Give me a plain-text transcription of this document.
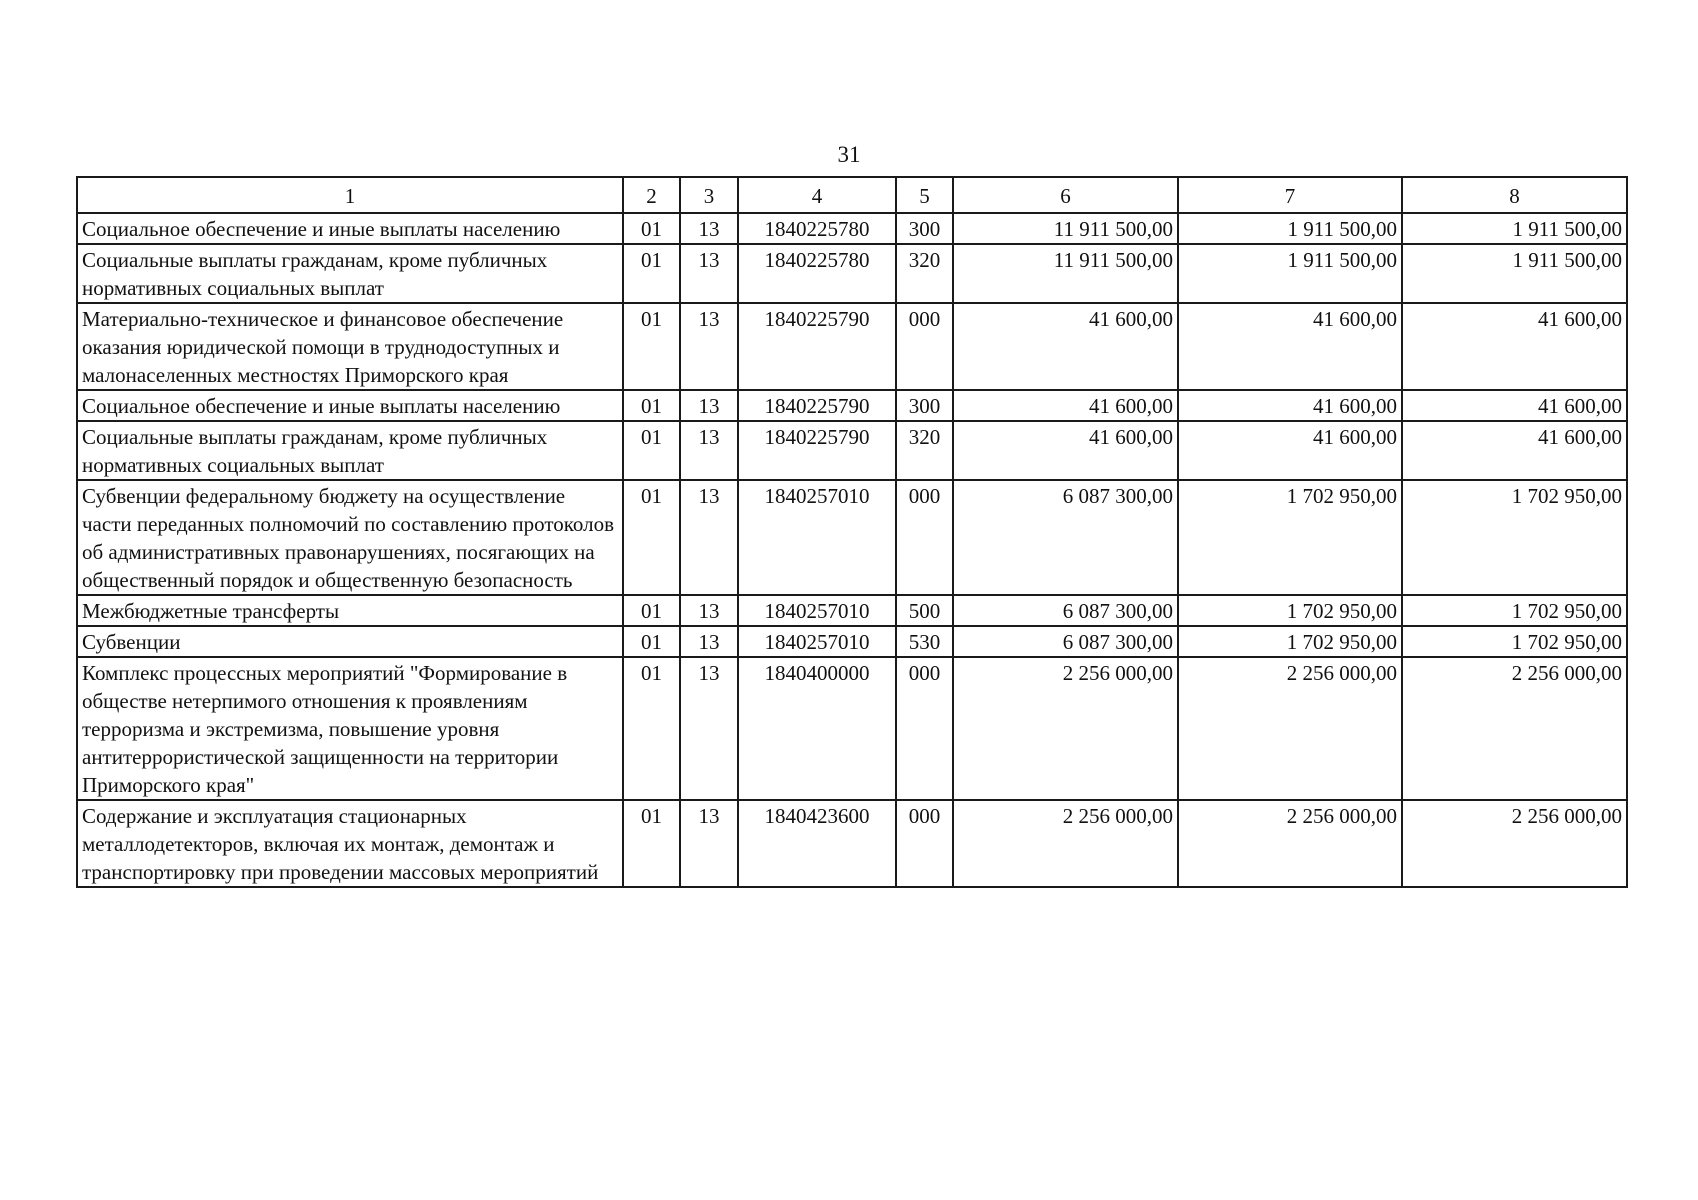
31
1	2	3	4	5	6	7	8
Социальное обеспечение и иные выплаты населению	01	13	1840225780	300	11 911 500,00	1 911 500,00	1 911 500,00
Социальные выплаты гражданам, кроме публичных нормативных социальных выплат	01	13	1840225780	320	11 911 500,00	1 911 500,00	1 911 500,00
Материально-техническое и финансовое обеспечение оказания юридической помощи в труднодоступных и малонаселенных местностях Приморского края	01	13	1840225790	000	41 600,00	41 600,00	41 600,00
Социальное обеспечение и иные выплаты населению	01	13	1840225790	300	41 600,00	41 600,00	41 600,00
Социальные выплаты гражданам, кроме публичных нормативных социальных выплат	01	13	1840225790	320	41 600,00	41 600,00	41 600,00
Субвенции федеральному бюджету на осуществление части переданных полномочий по составлению протоколов об административных правонарушениях, посягающих на общественный порядок и общественную безопасность	01	13	1840257010	000	6 087 300,00	1 702 950,00	1 702 950,00
Межбюджетные трансферты	01	13	1840257010	500	6 087 300,00	1 702 950,00	1 702 950,00
Субвенции	01	13	1840257010	530	6 087 300,00	1 702 950,00	1 702 950,00
Комплекс процессных мероприятий "Формирование в обществе нетерпимого отношения к проявлениям терроризма и экстремизма, повышение уровня антитеррористической защищенности на территории Приморского края"	01	13	1840400000	000	2 256 000,00	2 256 000,00	2 256 000,00
Содержание и эксплуатация стационарных металлодетекторов, включая их монтаж, демонтаж и транспортировку при проведении массовых мероприятий	01	13	1840423600	000	2 256 000,00	2 256 000,00	2 256 000,00
